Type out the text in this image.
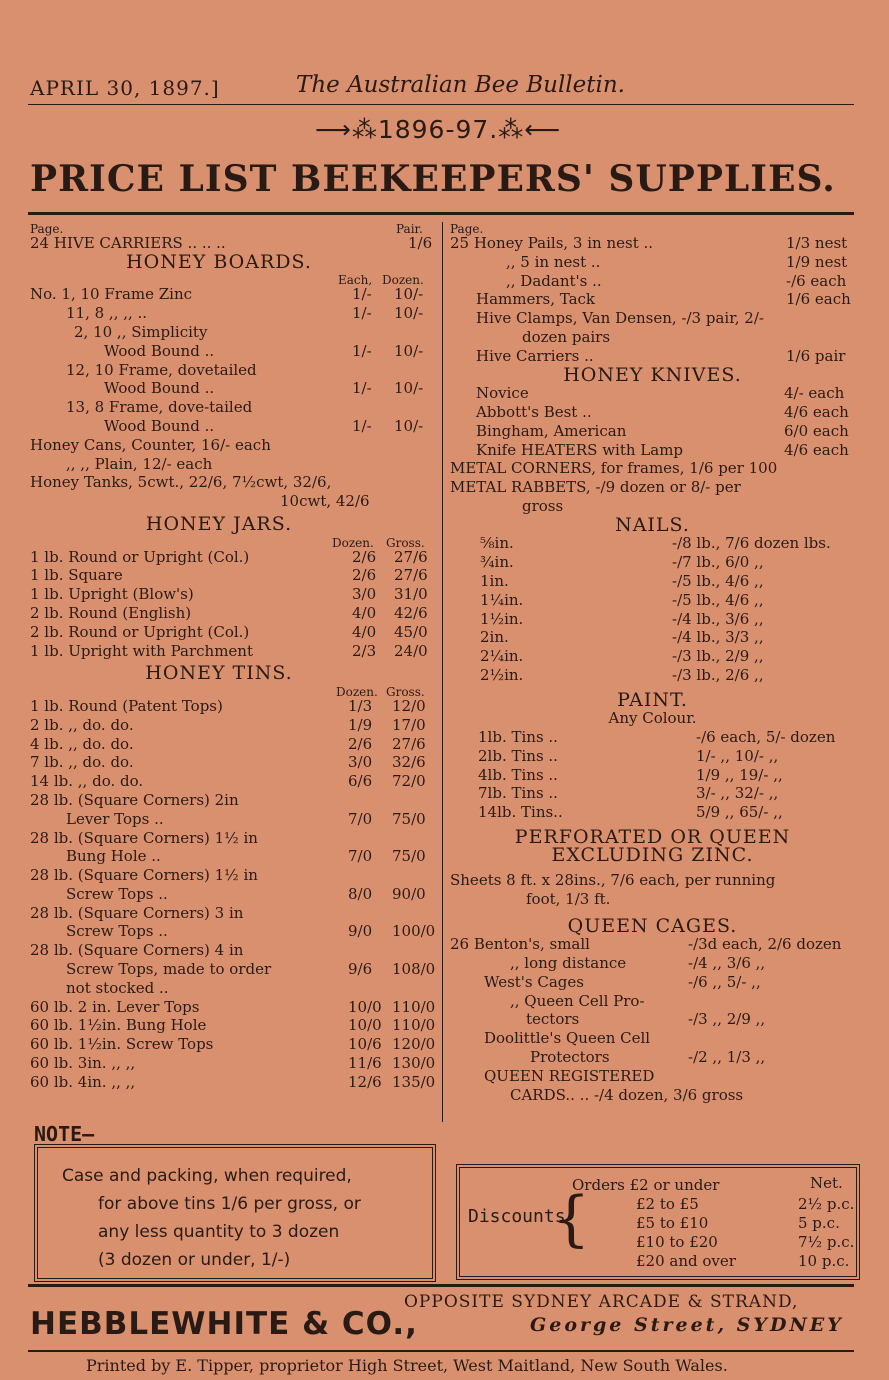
APRIL 30, 1897.]	The Australian Bee Bulletin.
⟶⁂1896-97.⁂⟵
PRICE LIST BEEKEEPERS' SUPPLIES.
Page.	Pair.
24 HIVE CARRIERS .. .. ..	1/6
HONEY BOARDS.
Each, Dozen.
No. 1, 10 Frame Zinc	1/- 10/-
11, 8 ,, ,, ..	1/- 10/-
2, 10 ,, Simplicity
Wood Bound ..	1/- 10/-
12, 10 Frame, dovetailed
Wood Bound ..	1/- 10/-
13, 8 Frame, dove-tailed
Wood Bound ..	1/- 10/-
Honey Cans, Counter, 16/- each
,, ,, Plain, 12/- each
Honey Tanks, 5cwt., 22/6, 7½cwt, 32/6,
10cwt, 42/6
HONEY JARS.
Dozen. Gross.
1 lb. Round or Upright (Col.)	2/6 27/6
1 lb. Square	2/6 27/6
1 lb. Upright (Blow's)	3/0 31/0
2 lb. Round (English)	4/0 42/6
2 lb. Round or Upright (Col.)	4/0 45/0
1 lb. Upright with Parchment	2/3 24/0
HONEY TINS.
Dozen. Gross.
1 lb. Round (Patent Tops)	1/3 12/0
2 lb. ,, do. do.	1/9 17/0
4 lb. ,, do. do.	2/6 27/6
7 lb. ,, do. do.	3/0 32/6
14 lb. ,, do. do.	6/6 72/0
28 lb. (Square Corners) 2in
Lever Tops ..	7/0 75/0
28 lb. (Square Corners) 1½ in
Bung Hole ..	7/0 75/0
28 lb. (Square Corners) 1½ in
Screw Tops ..	8/0 90/0
28 lb. (Square Corners) 3 in
Screw Tops ..	9/0 100/0
28 lb. (Square Corners) 4 in
Screw Tops, made to order	9/6 108/0
not stocked ..
60 lb. 2 in. Lever Tops	10/0 110/0
60 lb. 1½in. Bung Hole	10/0 110/0
60 lb. 1½in. Screw Tops	10/6 120/0
60 lb. 3in. ,, ,,	11/6 130/0
60 lb. 4in. ,, ,,	12/6 135/0
Page.
25 Honey Pails, 3 in nest ..	1/3 nest
,, 5 in nest ..	1/9 nest
,, Dadant's ..	-/6 each
Hammers, Tack	1/6 each
Hive Clamps, Van Densen, -/3 pair, 2/-
dozen pairs
Hive Carriers ..	1/6 pair
HONEY KNIVES.
Novice	4/- each
Abbott's Best ..	4/6 each
Bingham, American	6/0 each
Knife HEATERS with Lamp	4/6 each
METAL CORNERS, for frames, 1/6 per 100
METAL RABBETS, -/9 dozen or 8/- per
gross
NAILS.
⅝in.	-/8 lb., 7/6 dozen lbs.
¾in.	-/7 lb., 6/0 ,,
1in.	-/5 lb., 4/6 ,,
1¼in.	-/5 lb., 4/6 ,,
1½in.	-/4 lb., 3/6 ,,
2in.	-/4 lb., 3/3 ,,
2¼in.	-/3 lb., 2/9 ,,
2½in.	-/3 lb., 2/6 ,,
PAINT.
Any Colour.
1lb. Tins ..	-/6 each, 5/- dozen
2lb. Tins ..	1/- ,, 10/- ,,
4lb. Tins ..	1/9 ,, 19/- ,,
7lb. Tins ..	3/- ,, 32/- ,,
14lb. Tins..	5/9 ,, 65/- ,,
PERFORATED OR QUEEN
EXCLUDING ZINC.
Sheets 8 ft. x 28ins., 7/6 each, per running
foot, 1/3 ft.
QUEEN CAGES.
26 Benton's, small	-/3d each, 2/6 dozen
,, long distance	-/4 ,, 3/6 ,,
West's Cages	-/6 ,, 5/- ,,
,, Queen Cell Pro-
tectors	-/3 ,, 2/9 ,,
Doolittle's Queen Cell
Protectors	-/2 ,, 1/3 ,,
QUEEN REGISTERED
CARDS.. .. -/4 dozen, 3/6 gross
NOTE—
Case and packing, when required,
for above tins 1/6 per gross, or
any less quantity to 3 dozen
(3 dozen or under, 1/-)
Discounts
{
Net.
Orders £2 or under
£2 to £5	2½ p.c.
£5 to £10	5 p.c.
£10 to £20	7½ p.c.
£20 and over	10 p.c.
HEBBLEWHITE & CO.,
OPPOSITE SYDNEY ARCADE & STRAND,
George Street, SYDNEY
Printed by E. Tipper, proprietor High Street, West Maitland, New South Wales.
